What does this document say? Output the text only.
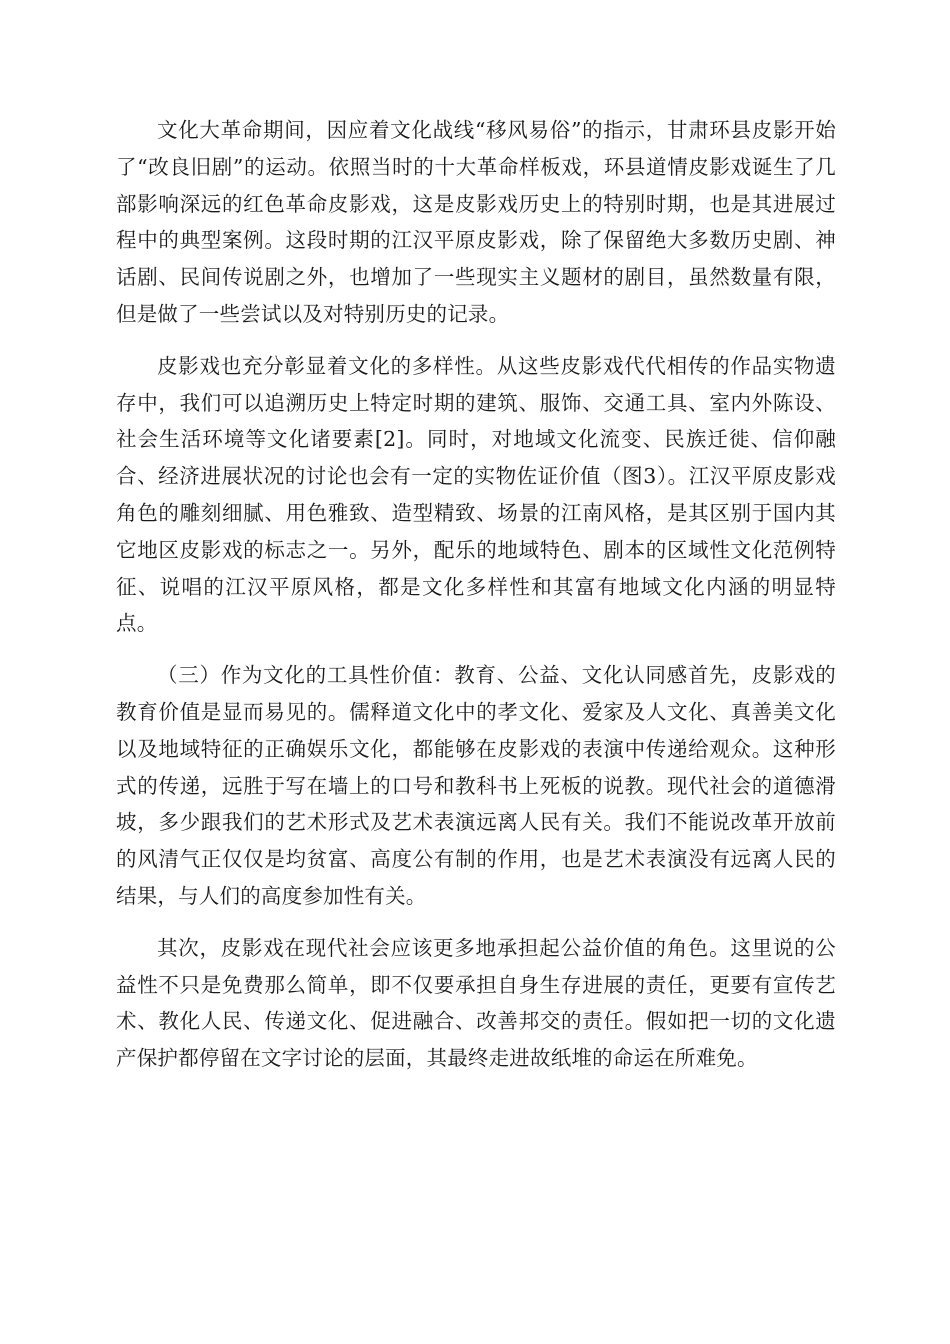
文化大革命期间，因应着文化战线“移风易俗”的指示，甘肃环县皮影开始了“改良旧剧”的运动。依照当时的十大革命样板戏，环县道情皮影戏诞生了几部影响深远的红色革命皮影戏，这是皮影戏历史上的特别时期，也是其进展过程中的典型案例。这段时期的江汉平原皮影戏，除了保留绝大多数历史剧、神话剧、民间传说剧之外，也增加了一些现实主义题材的剧目，虽然数量有限，但是做了一些尝试以及对特别历史的记录。

皮影戏也充分彰显着文化的多样性。从这些皮影戏代代相传的作品实物遗存中，我们可以追溯历史上特定时期的建筑、服饰、交通工具、室内外陈设、社会生活环境等文化诸要素[2]。同时，对地域文化流变、民族迁徙、信仰融合、经济进展状况的讨论也会有一定的实物佐证价值（图3）。江汉平原皮影戏角色的雕刻细腻、用色雅致、造型精致、场景的江南风格，是其区别于国内其它地区皮影戏的标志之一。另外，配乐的地域特色、剧本的区域性文化范例特征、说唱的江汉平原风格，都是文化多样性和其富有地域文化内涵的明显特点。

（三）作为文化的工具性价值：教育、公益、文化认同感首先，皮影戏的教育价值是显而易见的。儒释道文化中的孝文化、爱家及人文化、真善美文化以及地域特征的正确娱乐文化，都能够在皮影戏的表演中传递给观众。这种形式的传递，远胜于写在墙上的口号和教科书上死板的说教。现代社会的道德滑坡，多少跟我们的艺术形式及艺术表演远离人民有关。我们不能说改革开放前的风清气正仅仅是均贫富、高度公有制的作用，也是艺术表演没有远离人民的结果，与人们的高度参加性有关。

其次，皮影戏在现代社会应该更多地承担起公益价值的角色。这里说的公益性不只是免费那么简单，即不仅要承担自身生存进展的责任，更要有宣传艺术、教化人民、传递文化、促进融合、改善邦交的责任。假如把一切的文化遗产保护都停留在文字讨论的层面，其最终走进故纸堆的命运在所难免。
